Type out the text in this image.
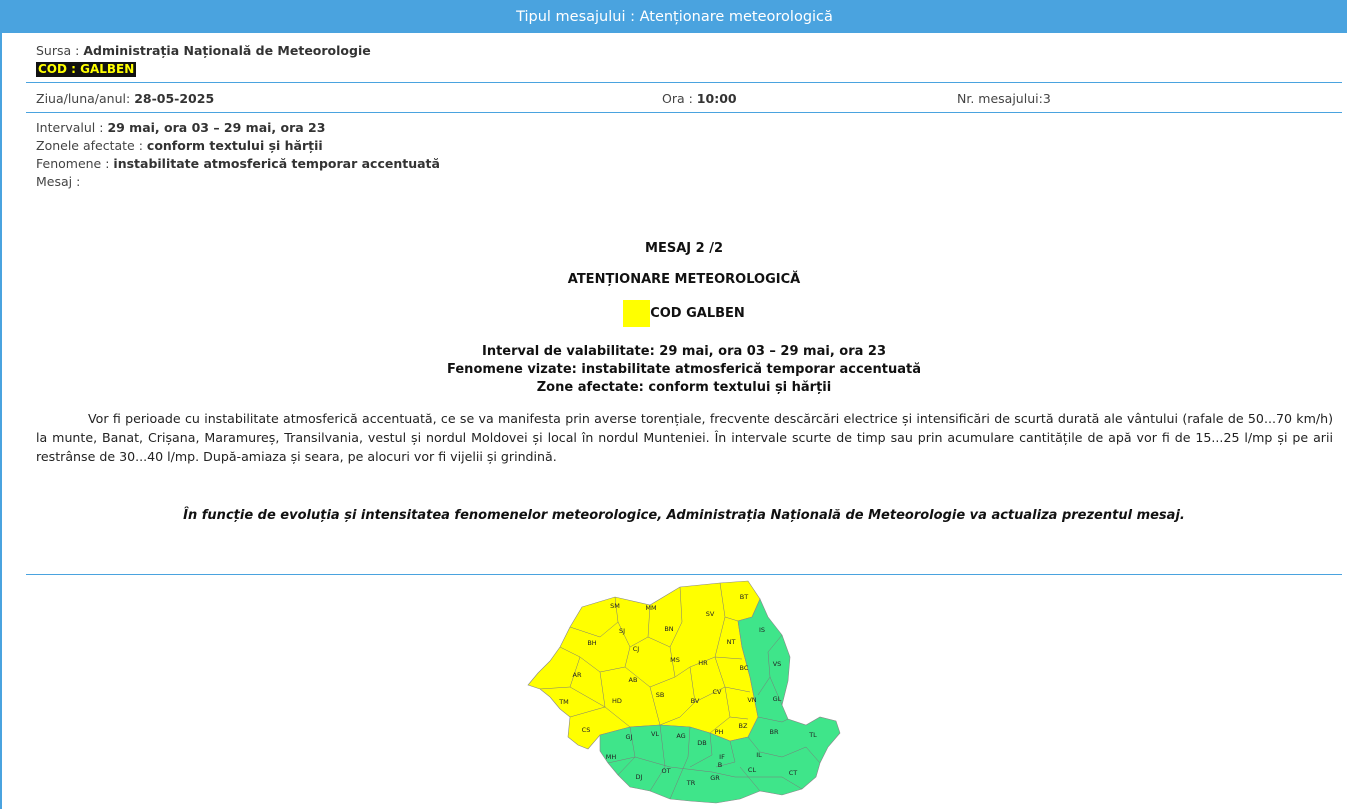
Tipul mesajului : Atenționare meteorologică
Sursa : Administrația Națională de Meteorologie
COD : GALBEN
Ziua/luna/anul: 28-05-2025	Ora : 10:00	Nr. mesajului:3
Intervalul : 29 mai, ora 03 – 29 mai, ora 23
Zonele afectate : conform textului și hărții
Fenomene : instabilitate atmosferică temporar accentuată
Mesaj :
MESAJ 2 /2
ATENȚIONARE METEOROLOGICĂ
COD GALBEN
Interval de valabilitate: 29 mai, ora 03 – 29 mai, ora 23
Fenomene vizate: instabilitate atmosferică temporar accentuată
Zone afectate: conform textului și hărții
Vor fi perioade cu instabilitate atmosferică accentuată, ce se va manifesta prin averse torențiale, frecvente descărcări electrice și intensificări de scurtă durată ale vântului (rafale de 50...70 km/h) la munte, Banat, Crișana, Maramureș, Transilvania, vestul și nordul Moldovei și local în nordul Munteniei. În intervale scurte de timp sau prin acumulare cantitățile de apă vor fi de 15...25 l/mp și pe arii restrânse de 30...40 l/mp. După-amiaza și seara, pe alocuri vor fi vijelii și grindină.
În funcție de evoluția și intensitatea fenomenelor meteorologice, Administrația Națională de Meteorologie va actualiza prezentul mesaj.
SM	MM
SV
BT
SJ	BN	IS
BH
CJ
NT
MS	HR	VS
AR
BC
AB
SB	CV
TM	HD	BV	VN GL
BZ
CS
GJ	VL	AG
DB
PH	BR	TL
MH	IF	IL
B
DJ
OT
TR
GR
CL	CT
